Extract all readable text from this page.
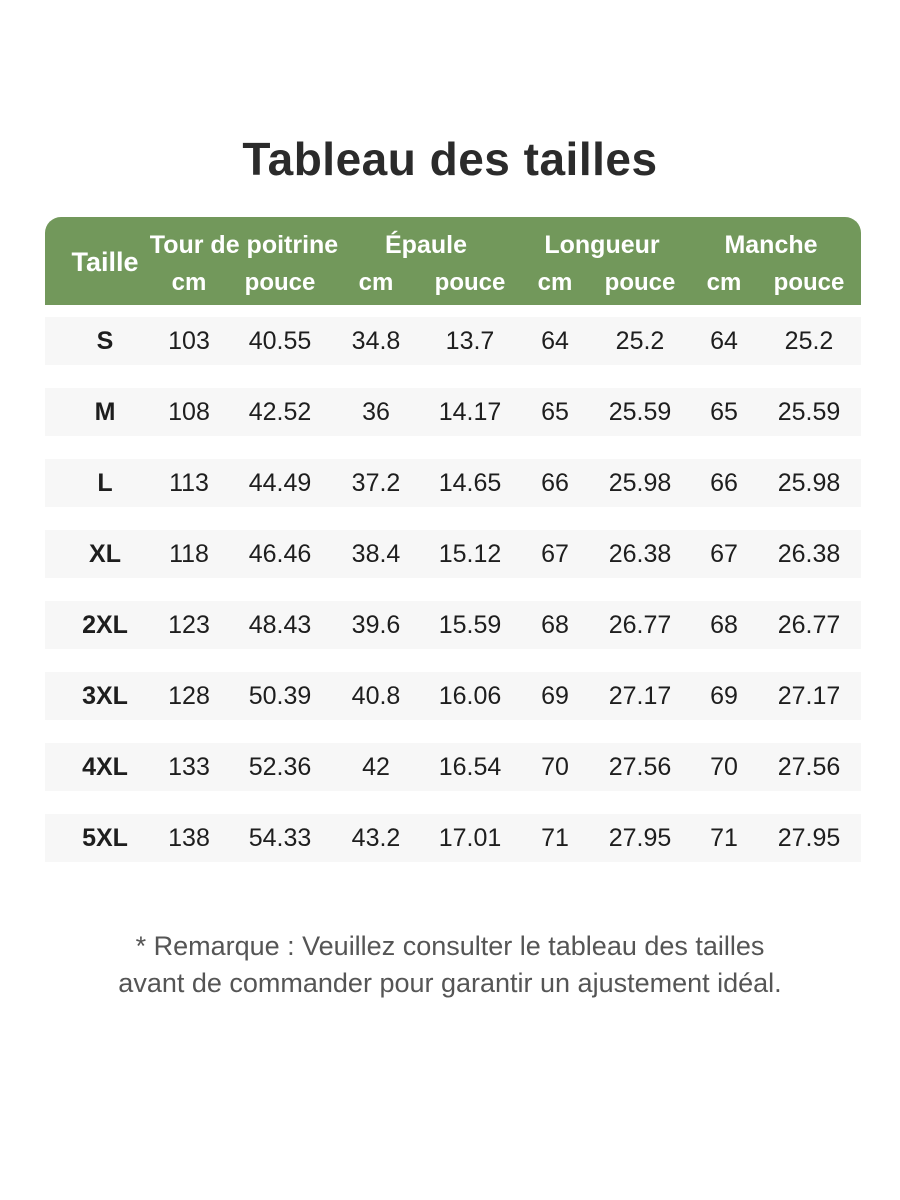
Tableau des tailles
Taille
Tour de poitrine
cm pouce
Épaule
cm pouce
Longueur
cm pouce
Manche
cm pouce
S 103 40.55 34.8 13.7 64 25.2 64 25.2
M 108 42.52 36 14.17 65 25.59 65 25.59
L 113 44.49 37.2 14.65 66 25.98 66 25.98
XL 118 46.46 38.4 15.12 67 26.38 67 26.38
2XL 123 48.43 39.6 15.59 68 26.77 68 26.77
3XL 128 50.39 40.8 16.06 69 27.17 69 27.17
4XL 133 52.36 42 16.54 70 27.56 70 27.56
5XL 138 54.33 43.2 17.01 71 27.95 71 27.95
* Remarque : Veuillez consulter le tableau des tailles
avant de commander pour garantir un ajustement idéal.
